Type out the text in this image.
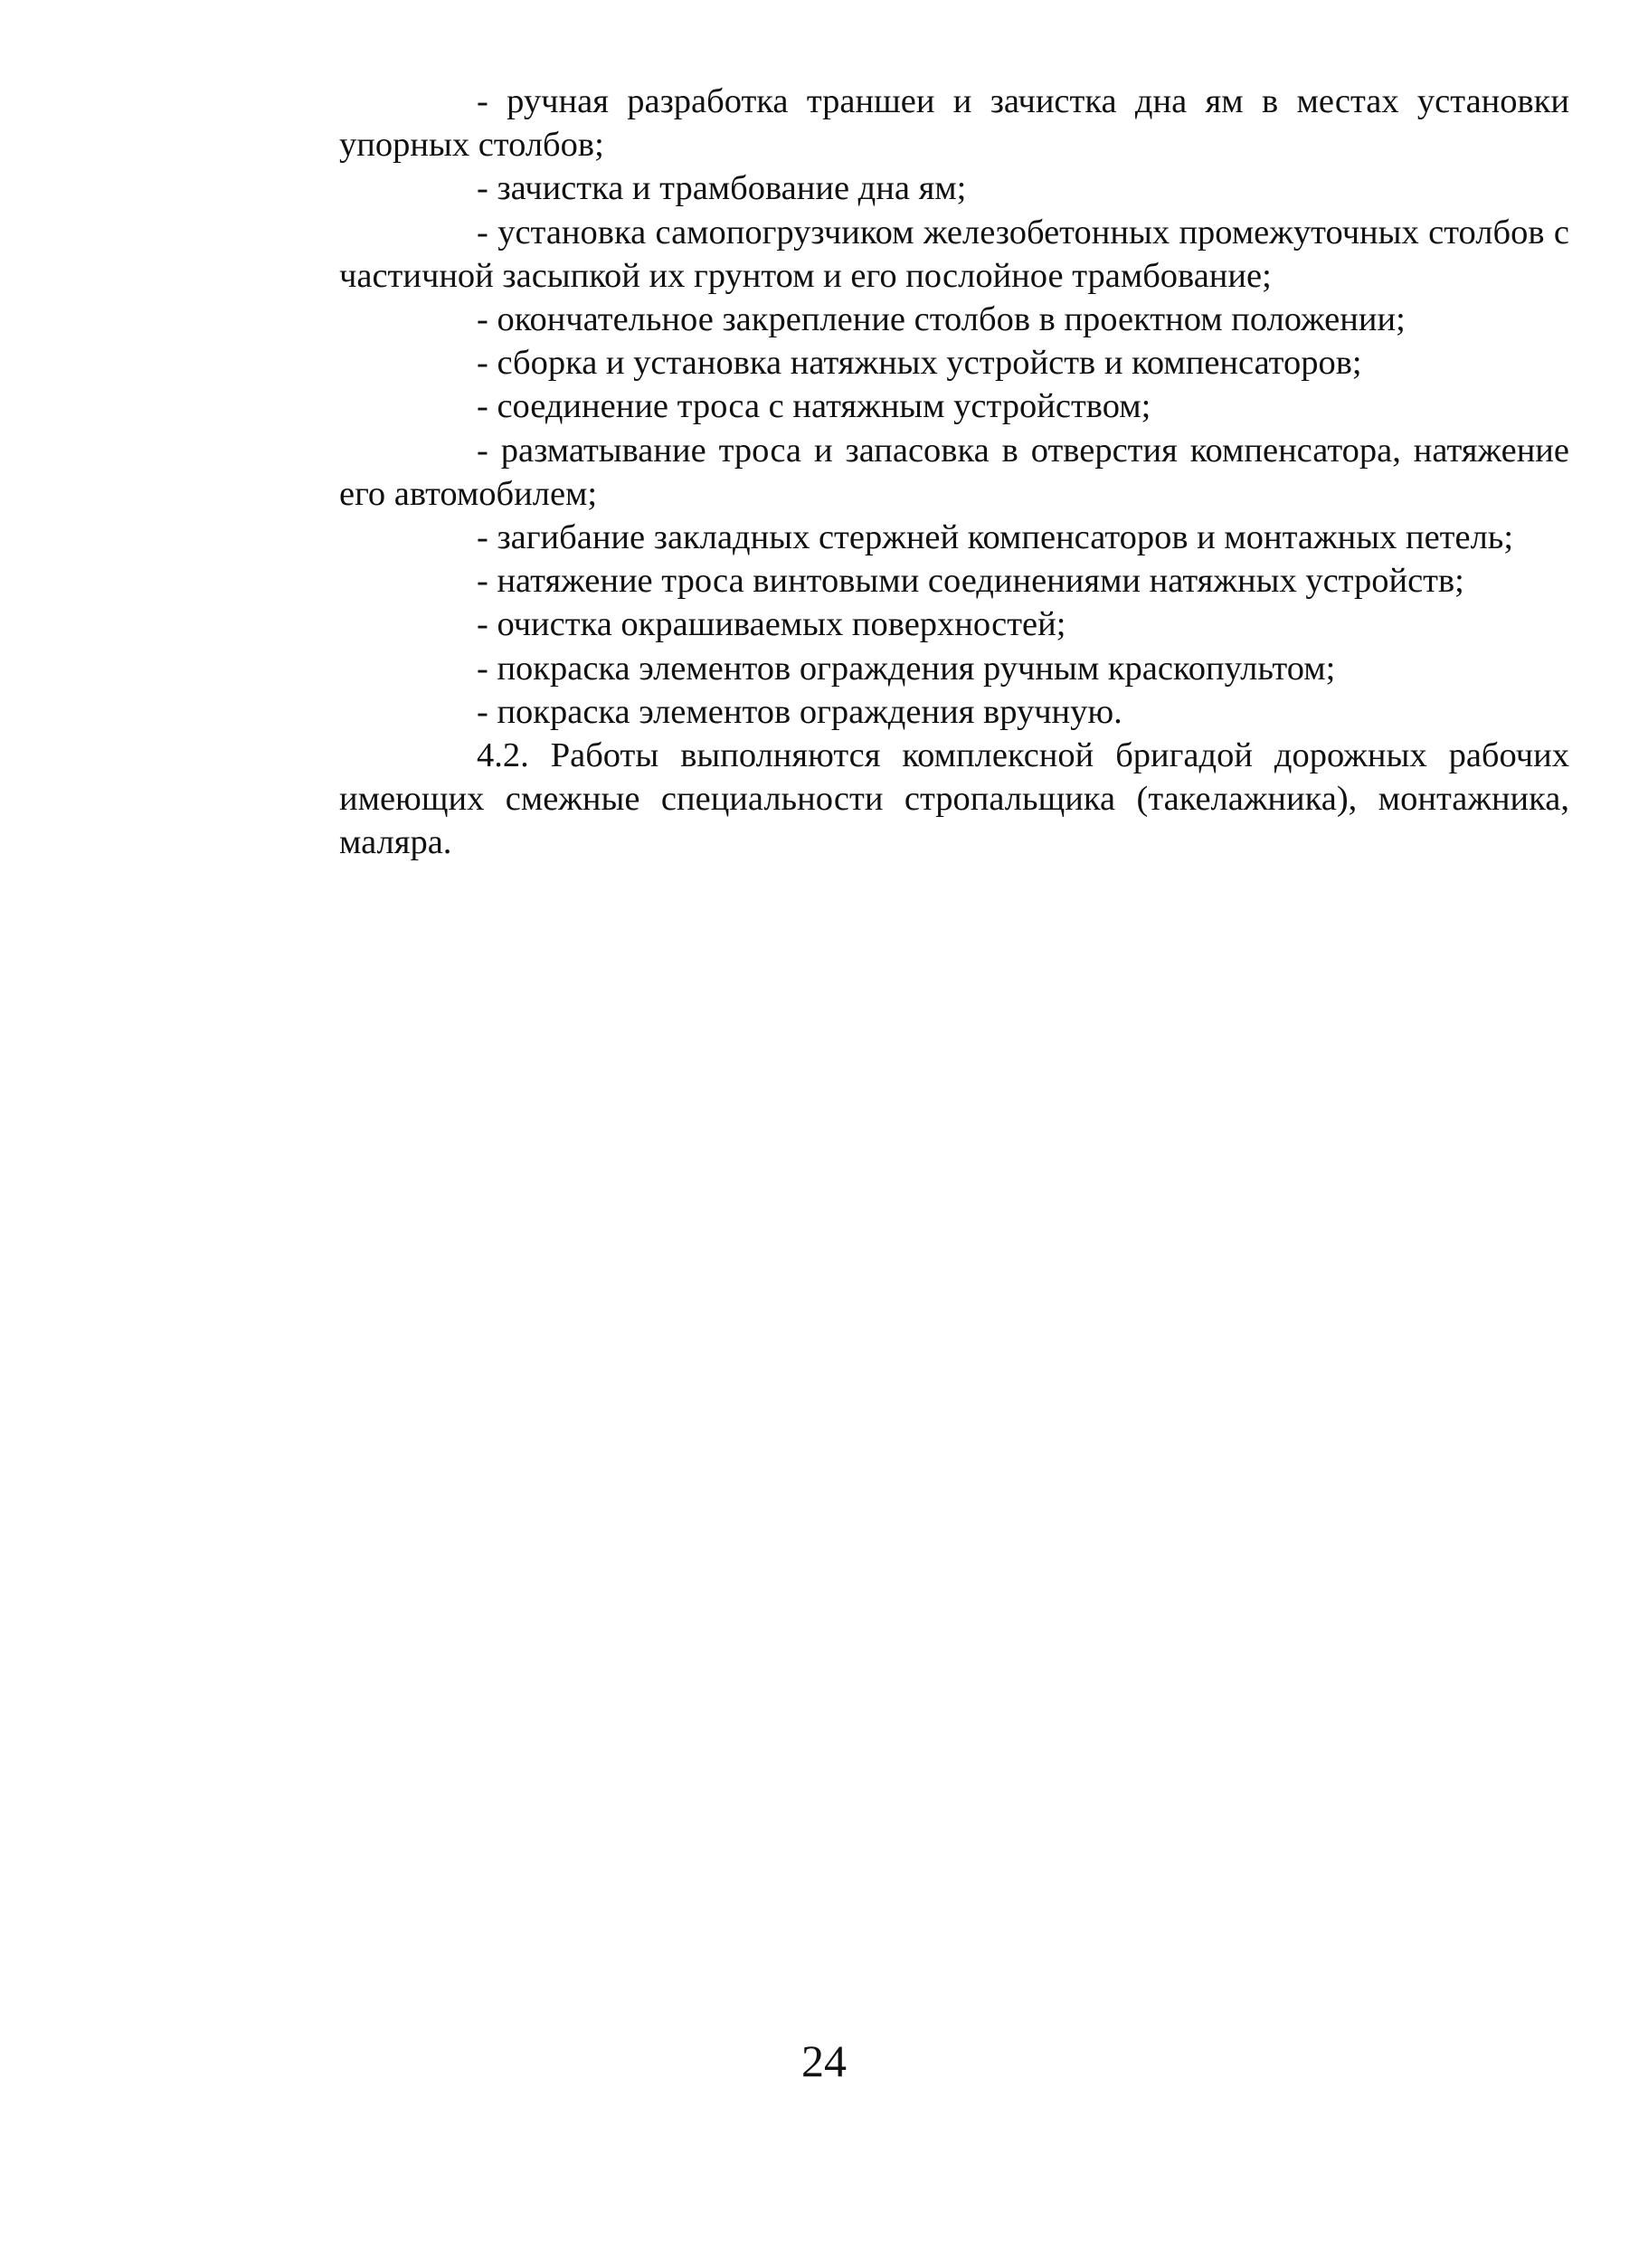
- ручная разработка траншеи и зачистка дна ям в местах установки упорных столбов;

- зачистка и трамбование дна ям;

- установка самопогрузчиком железобетонных промежуточных столбов с частичной засыпкой их грунтом и его послойное трамбование;

- окончательное закрепление столбов в проектном положении;

- сборка и установка натяжных устройств и компенсаторов;

- соединение троса с натяжным устройством;

- разматывание троса и запасовка в отверстия компенсатора, натяжение его автомобилем;

- загибание закладных стержней компенсаторов и монтажных петель;

- натяжение троса винтовыми соединениями натяжных устройств;

- очистка окрашиваемых поверхностей;

- покраска элементов ограждения ручным краскопультом;

- покраска элементов ограждения вручную.

4.2. Работы выполняются комплексной бригадой дорожных рабочих имеющих смежные специальности стропальщика (такелажника), монтажника, маляра.

24
